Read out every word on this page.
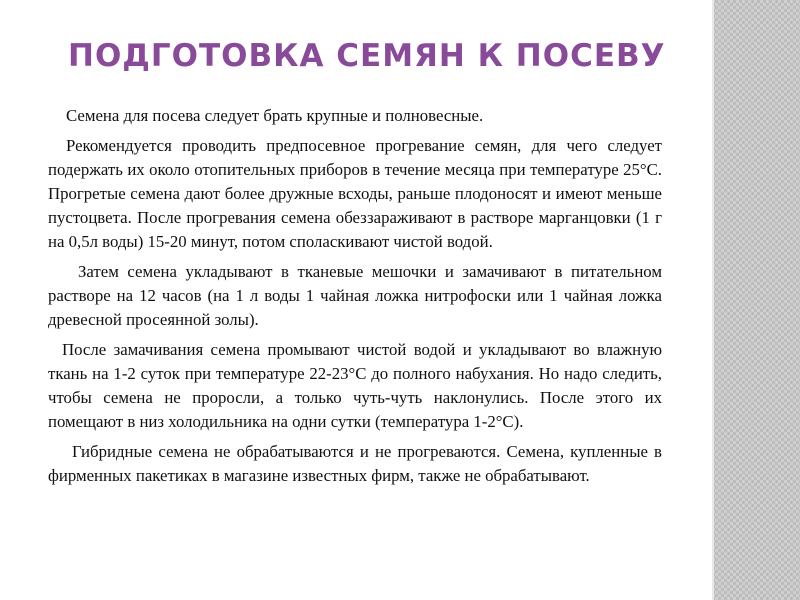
ПОДГОТОВКА СЕМЯН К ПОСЕВУ

Семена для посева следует брать крупные и полновесные.

Рекомендуется проводить предпосевное прогревание семян, для чего следует подержать их около отопительных приборов в течение месяца при температуре 25°С. Прогретые семена дают более дружные всходы, раньше плодоносят и имеют меньше пустоцвета. После прогревания семена обеззараживают в растворе марганцовки (1 г на 0,5л воды) 15-20 минут, потом споласкивают чистой водой.

Затем семена укладывают в тканевые мешочки и замачивают в питательном растворе на 12 часов (на 1 л воды 1 чайная ложка нитрофоски или 1 чайная ложка древесной просеянной золы).

После замачивания семена промывают чистой водой и укладывают во влажную ткань на 1-2 суток при температуре 22-23°С до полного набухания. Но надо следить, чтобы семена не проросли, а только чуть-чуть наклонулись. После этого их помещают в низ холодильника на одни сутки (температура 1-2°С).

Гибридные семена не обрабатываются и не прогреваются. Семена, купленные в фирменных пакетиках в магазине известных фирм, также не обрабатывают.
